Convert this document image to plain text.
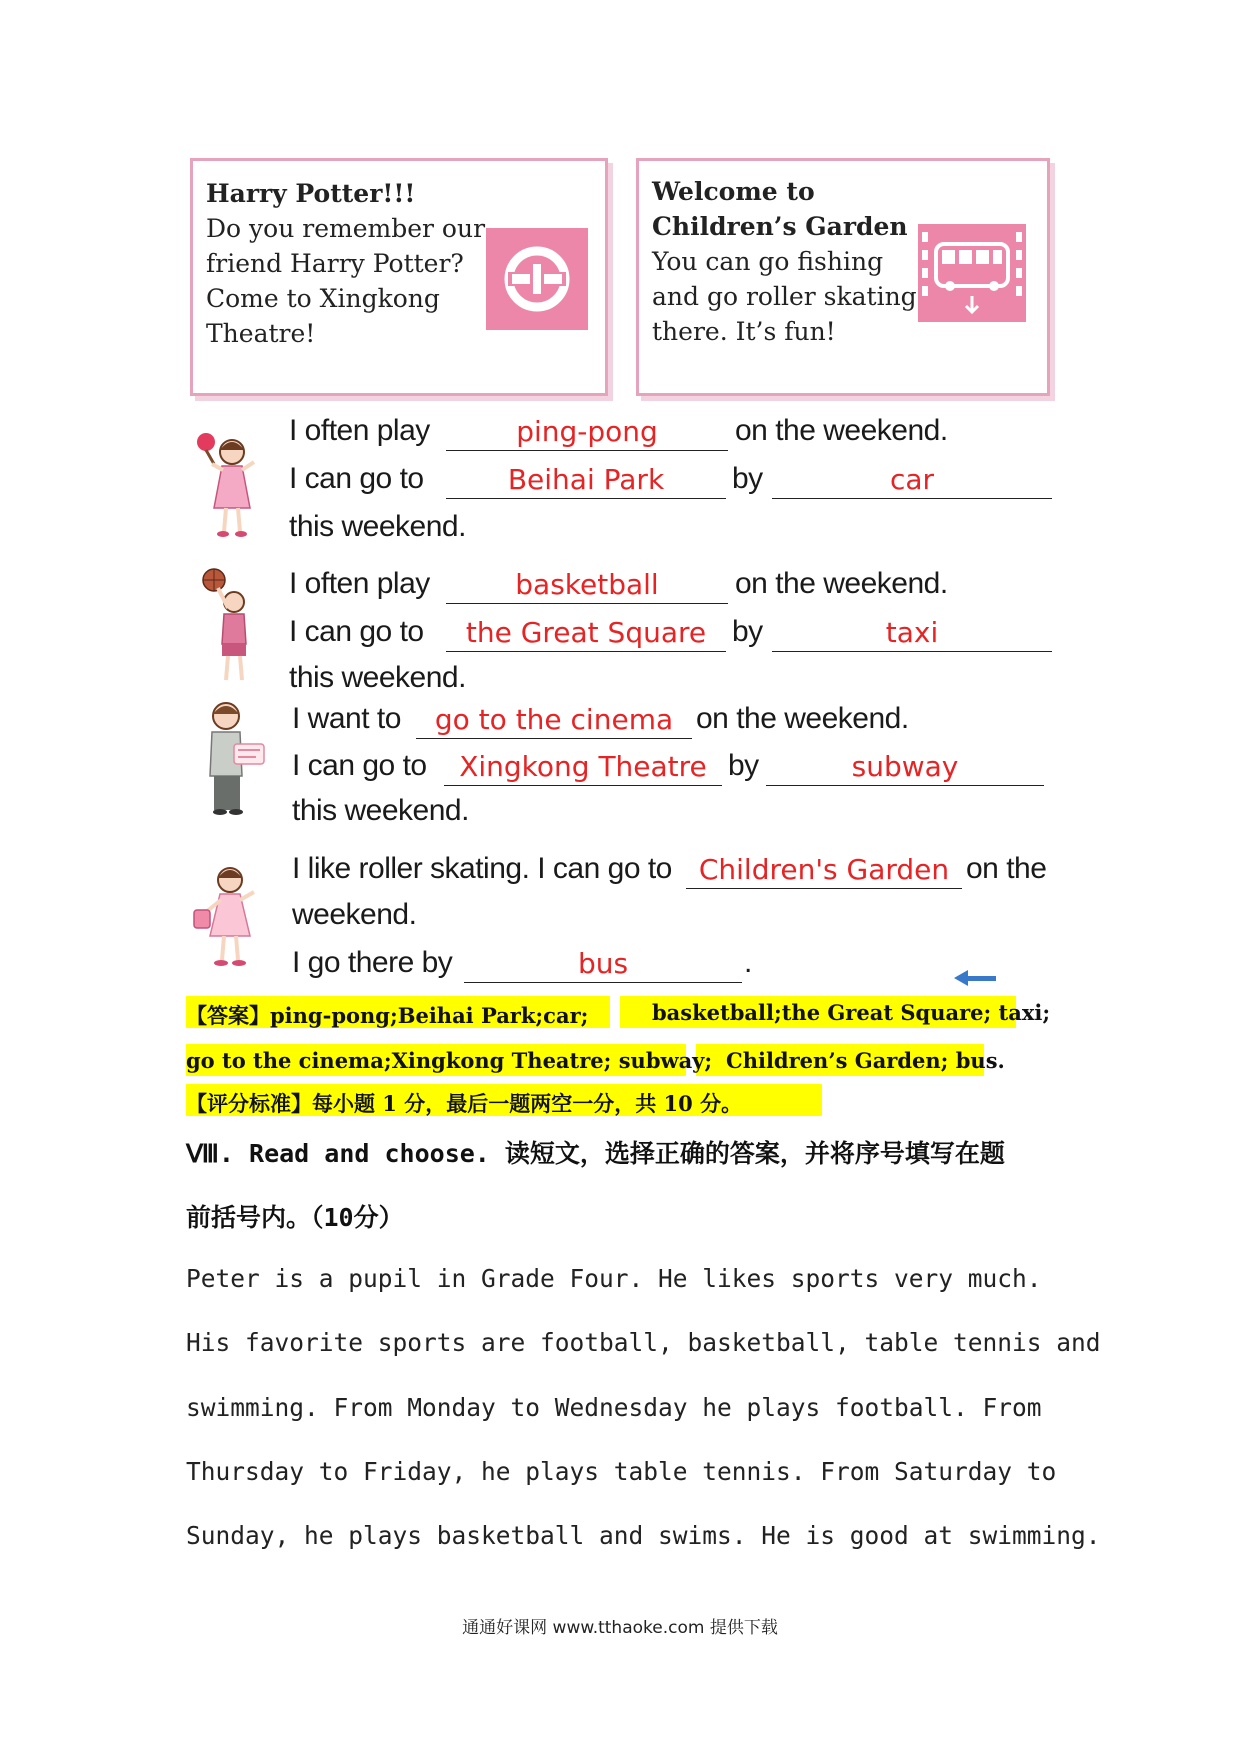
Harry Potter!!!
Do you remember our
friend Harry Potter?
Come to Xingkong
Theatre!
Welcome to
Children’s Garden
You can go fishing
and go roller skating
there. It’s fun!
I often play	ping-pong	on the weekend.
I can go to	Beihai Park	by	car
this weekend.
I often play	basketball	on the weekend.
I can go to	the Great Square by	taxi
this weekend.
I want to	go to the cinema on the weekend.
I can go to	Xingkong Theatre by	subway
this weekend.
I like roller skating. I can go to Children's Garden on the
weekend.
I go there by	bus	.
【答案】ping-pong;Beihai Park;car;	basketball;the Great Square; taxi;
go to the cinema;Xingkong Theatre; subway; Children’s Garden; bus.
【评分标准】每小题 1 分，最后一题两空一分，共 10 分。
Ⅷ. Read and choose. 读短文，选择正确的答案，并将序号填写在题
前括号内。（10分）
Peter is a pupil in Grade Four. He likes sports very much.
His favorite sports are football, basketball, table tennis and
swimming. From Monday to Wednesday he plays football. From
Thursday to Friday, he plays table tennis. From Saturday to
Sunday, he plays basketball and swims. He is good at swimming.
通通好课网 www.tthaoke.com 提供下载
